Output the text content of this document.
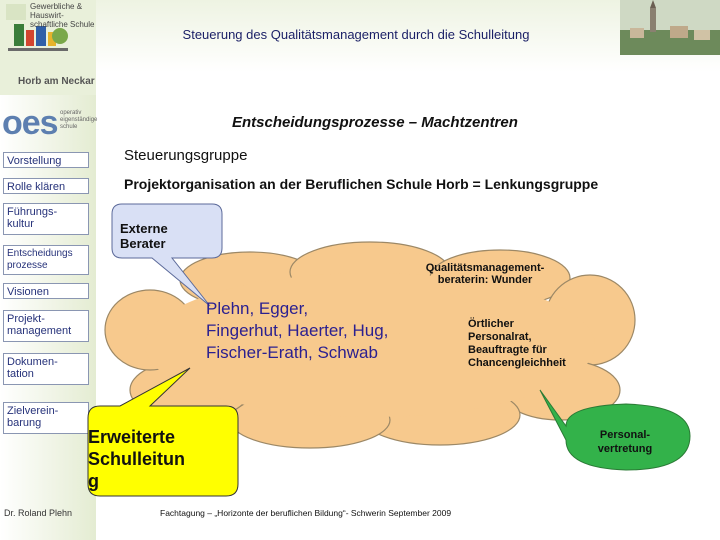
Gewerbliche & Hauswirt-
schaftliche Schule
Horb am Neckar
oes operativ
eigenständige
schule
Steuerung des Qualitätsmanagement durch die Schulleitung
Vorstellung
Rolle klären
Führungs-
kultur
Entscheidungs
prozesse
Visionen
Projekt-
management
Dokumen-
tation
Zielverein-
barung
Entscheidungsprozesse – Machtzentren
Steuerungsgruppe
Projektorganisation an der Beruflichen Schule Horb = Lenkungsgruppe
Externe
Berater
Qualitätsmanagement-
beraterin: Wunder
Plehn, Egger,
Fingerhut, Haerter, Hug,
Fischer-Erath, Schwab
Örtlicher
Personalrat,
Beauftragte für
Chancengleichheit
Erweiterte
Schulleitun
g
Personal-
vertretung
Dr. Roland Plehn	Fachtagung – „Horizonte der beruflichen Bildung“- Schwerin September 2009
